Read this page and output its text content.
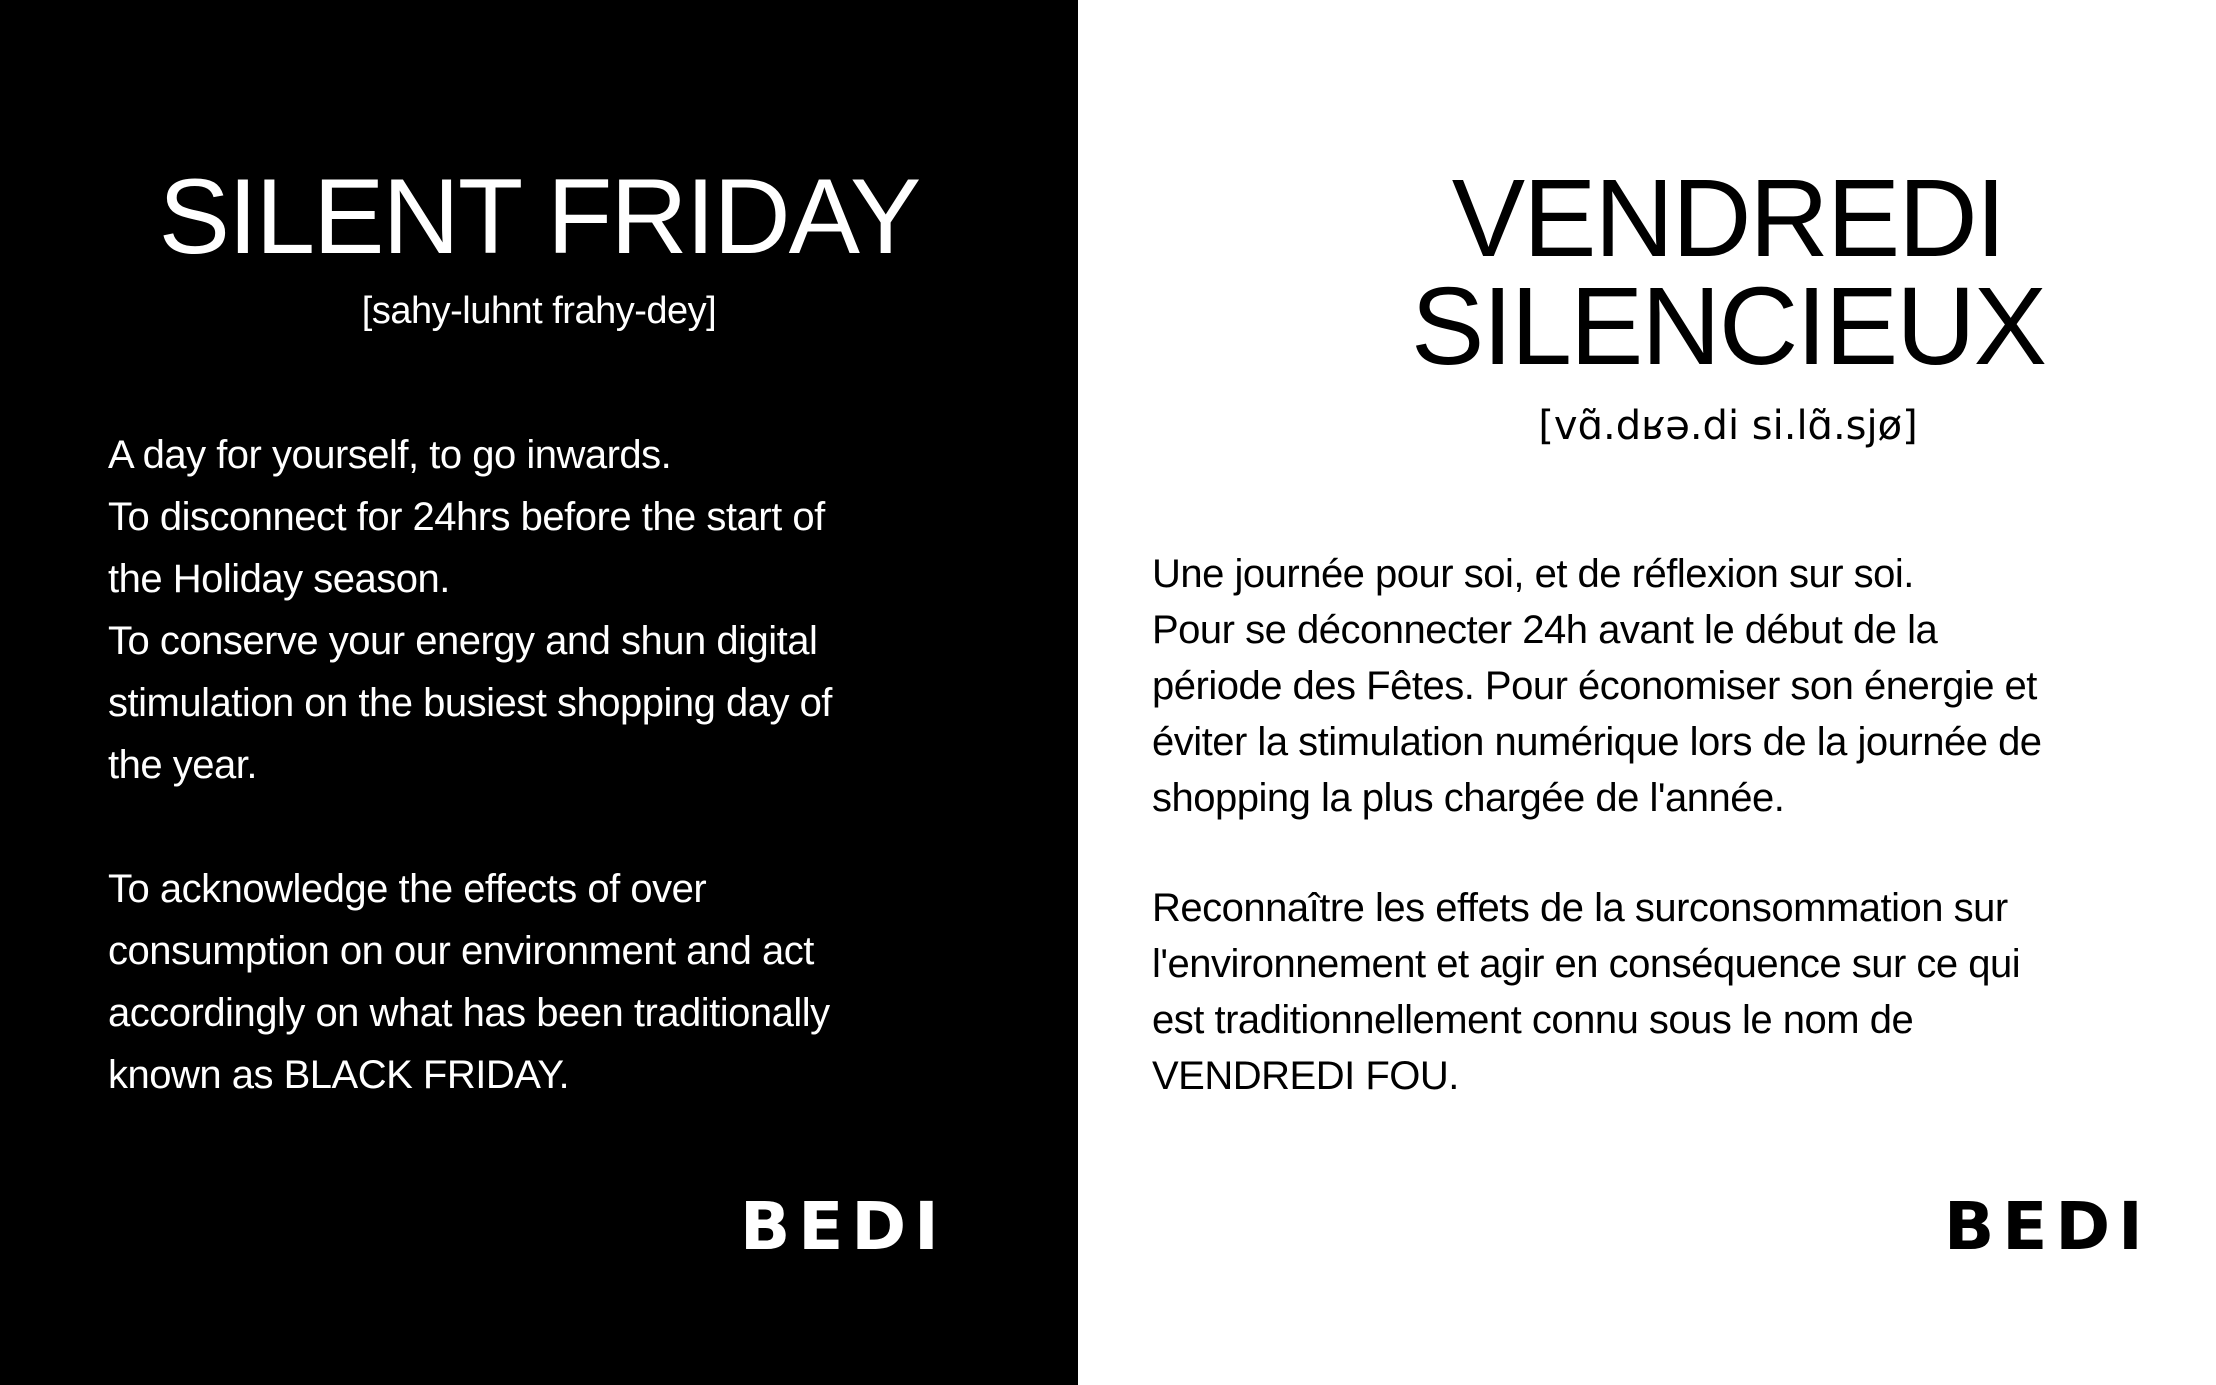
SILENT FRIDAY
[sahy-luhnt frahy-dey]

A day for yourself, to go inwards.
To disconnect for 24hrs before the start of
the Holiday season.
To conserve your energy and shun digital
stimulation on the busiest shopping day of
the year.

To acknowledge the effects of over
consumption on our environment and act
accordingly on what has been traditionally
known as BLACK FRIDAY.

BEDI
VENDREDI
SILENCIEUX
[vɑ̃.dʁə.di si.lɑ̃.sjø]

Une journée pour soi, et de réflexion sur soi.
Pour se déconnecter 24h avant le début de la
période des Fêtes. Pour économiser son énergie et
éviter la stimulation numérique lors de la journée de
shopping la plus chargée de l'année.

Reconnaître les effets de la surconsommation sur
l'environnement et agir en conséquence sur ce qui
est traditionnellement connu sous le nom de
VENDREDI FOU.

BEDI
